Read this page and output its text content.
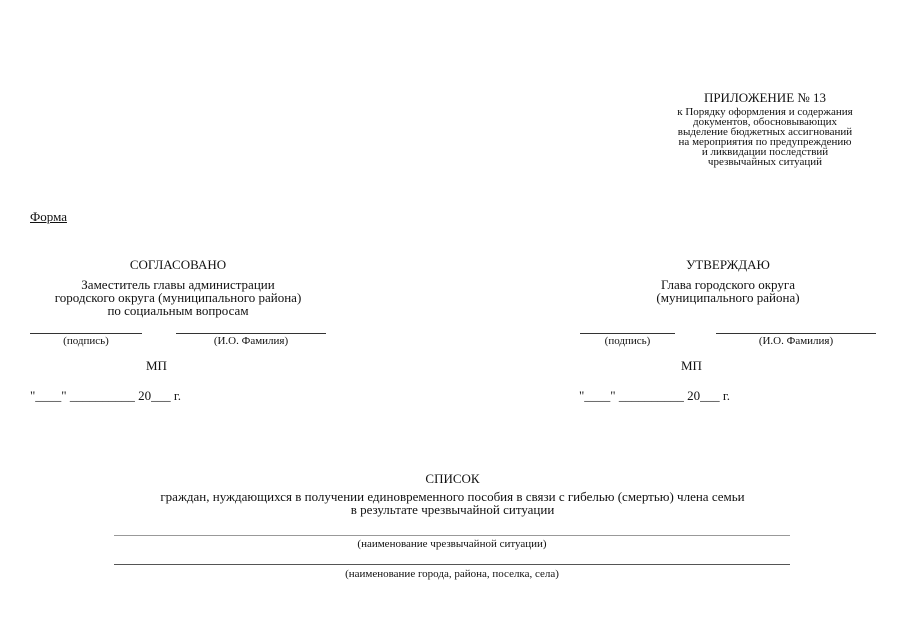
ПРИЛОЖЕНИЕ № 13
к Порядку оформления и содержания
документов, обосновывающих
выделение бюджетных ассигнований
на мероприятия по предупреждению
и ликвидации последствий
чрезвычайных ситуаций
Форма
СОГЛАСОВАНО
Заместитель главы администрации
городского округа (муниципального района)
по социальным вопросам
(подпись)	(И.О. Фамилия)
МП
"____" __________ 20___ г.
УТВЕРЖДАЮ
Глава городского округа
(муниципального района)
(подпись)	(И.О. Фамилия)
МП
"____" __________ 20___ г.
СПИСОК
граждан, нуждающихся в получении единовременного пособия в связи с гибелью (смертью) члена семьи
в результате чрезвычайной ситуации
(наименование чрезвычайной ситуации)
(наименование города, района, поселка, села)
